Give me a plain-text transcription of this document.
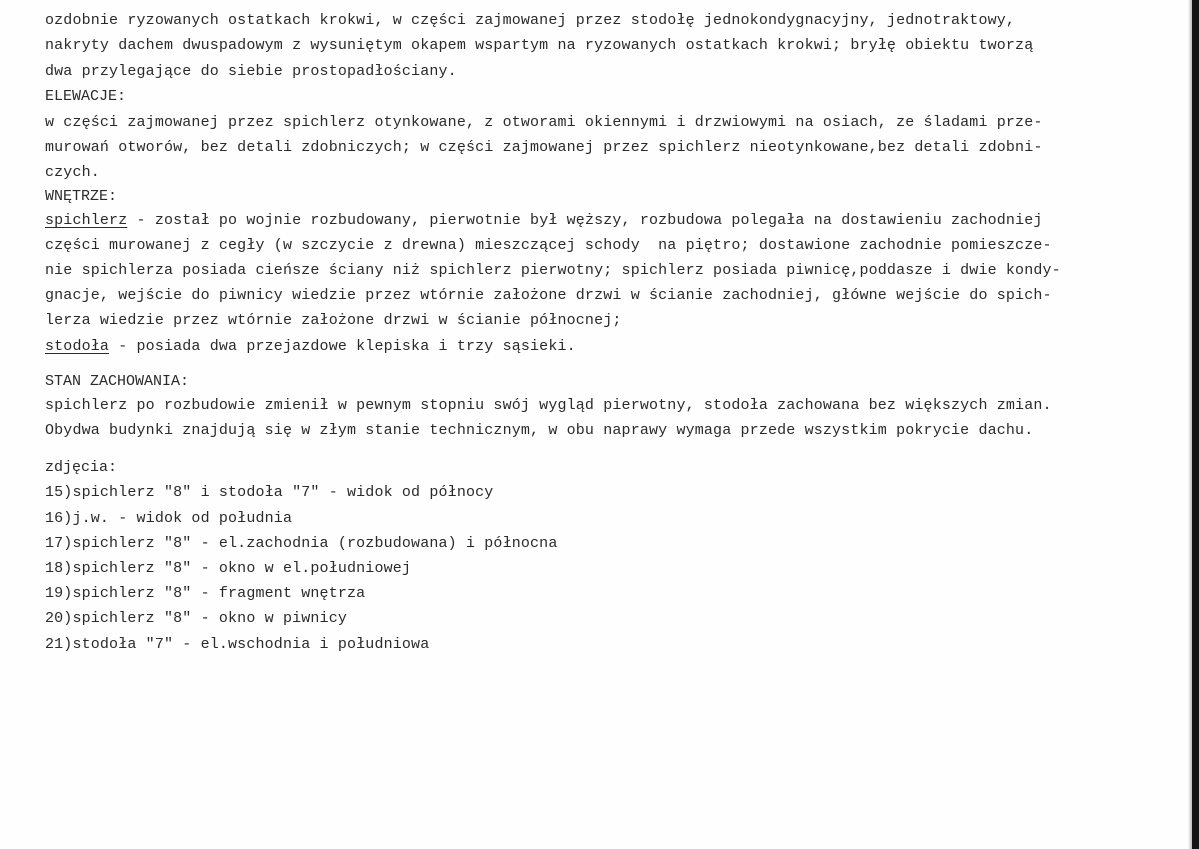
ozdobnie ryzowanych ostatkach krokwi, w części zajmowanej przez stodołę jednokondygnacyjny, jednotraktowy,
nakryty dachem dwuspadowym z wysuniętym okapem wspartym na ryzowanych ostatkach krokwi; bryłę obiektu tworzą
dwa przylegające do siebie prostopadłościany.
ELEWACJE:
w części zajmowanej przez spichlerz otynkowane, z otworami okiennymi i drzwiowymi na osiach, ze śladami prze-
murowań otworów, bez detali zdobniczych; w części zajmowanej przez spichlerz nieotynkowane,bez detali zdobni-
czych.
WNĘTRZE:
spichlerz - został po wojnie rozbudowany, pierwotnie był węższy, rozbudowa polegała na dostawieniu zachodniej
części murowanej z cegły (w szczycie z drewna) mieszczącej schody  na piętro; dostawione zachodnie pomieszcze-
nie spichlerza posiada cieńsze ściany niż spichlerz pierwotny; spichlerz posiada piwnicę,poddasze i dwie kondy-
gnacje, wejście do piwnicy wiedzie przez wtórnie założone drzwi w ścianie zachodniej, główne wejście do spich-
lerza wiedzie przez wtórnie założone drzwi w ścianie północnej;
stodoła - posiada dwa przejazdowe klepiska i trzy sąsieki.
STAN ZACHOWANIA:
spichlerz po rozbudowie zmienił w pewnym stopniu swój wygląd pierwotny, stodoła zachowana bez większych zmian.
Obydwa budynki znajdują się w złym stanie technicznym, w obu naprawy wymaga przede wszystkim pokrycie dachu.
zdjęcia:
15)spichlerz "8" i stodoła "7" - widok od północy
16)j.w. - widok od południa
17)spichlerz "8" - el.zachodnia (rozbudowana) i północna
18)spichlerz "8" - okno w el.południowej
19)spichlerz "8" - fragment wnętrza
20)spichlerz "8" - okno w piwnicy
21)stodoła "7" - el.wschodnia i południowa
